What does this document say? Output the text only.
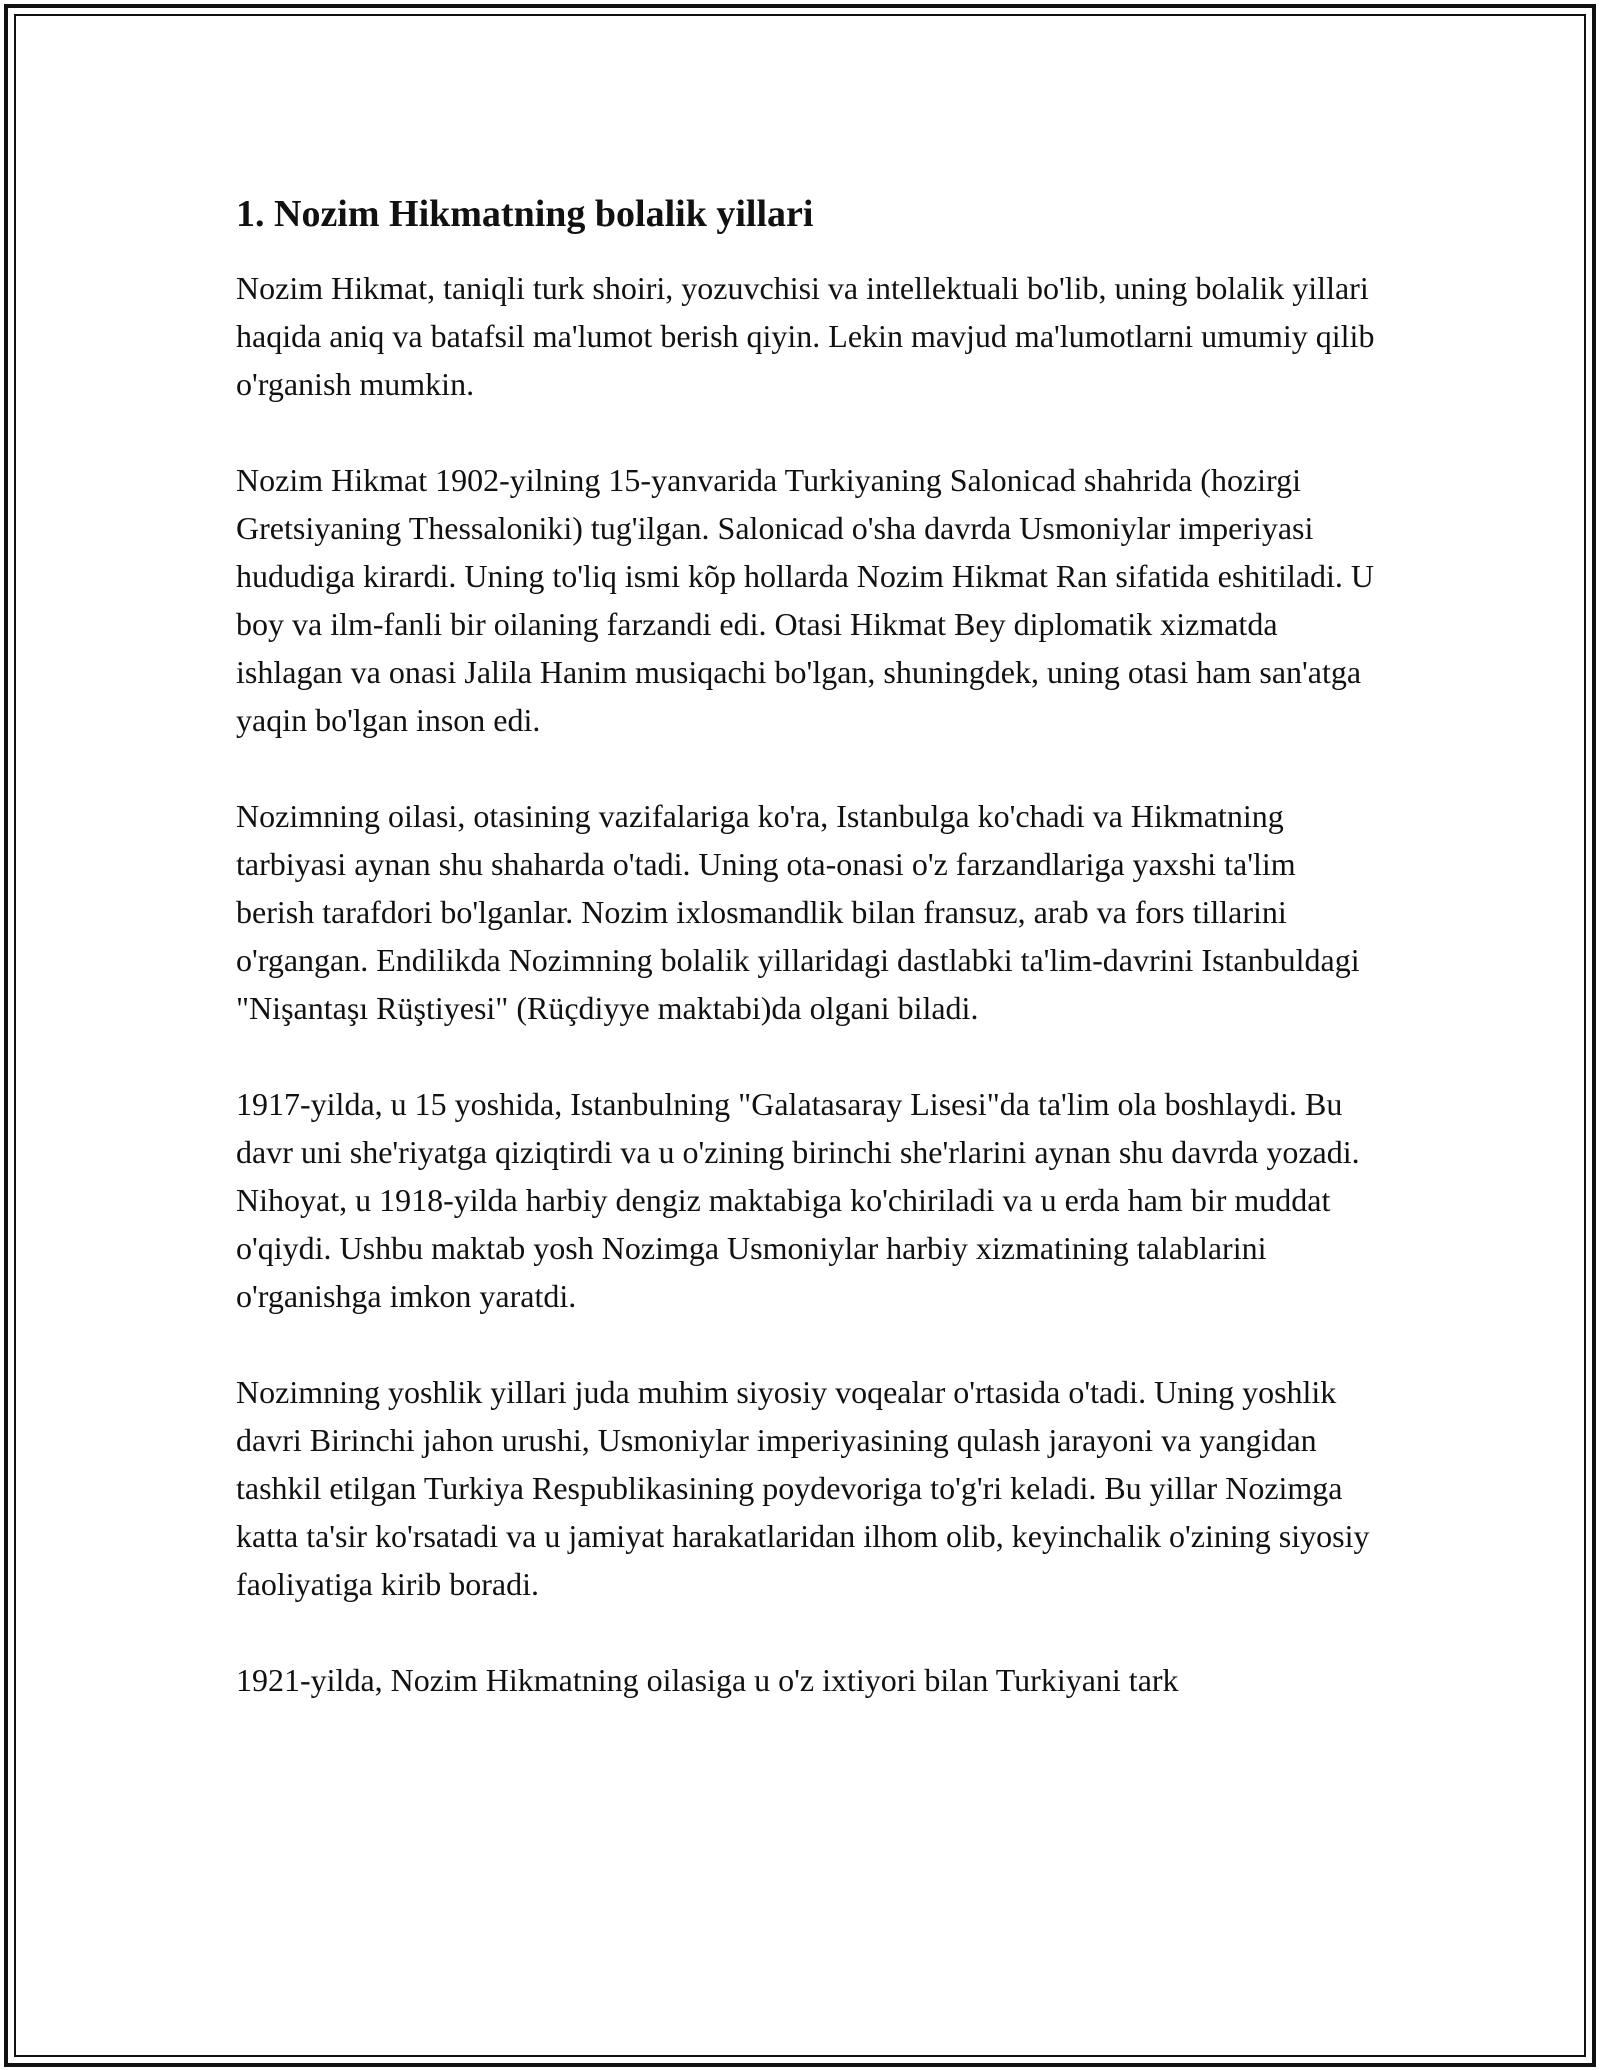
1. Nozim Hikmatning bolalik yillari

Nozim Hikmat, taniqli turk shoiri, yozuvchisi va intellektuali bo'lib, uning bolalik yillari haqida aniq va batafsil ma'lumot berish qiyin. Lekin mavjud ma'lumotlarni umumiy qilib o'rganish mumkin.

Nozim Hikmat 1902-yilning 15-yanvarida Turkiyaning Salonicad shahrida (hozirgi Gretsiyaning Thessaloniki) tug'ilgan. Salonicad o'sha davrda Usmoniylar imperiyasi hududiga kirardi. Uning to'liq ismi kõp hollarda Nozim Hikmat Ran sifatida eshitiladi. U boy va ilm-fanli bir oilaning farzandi edi. Otasi Hikmat Bey diplomatik xizmatda ishlagan va onasi Jalila Hanim musiqachi bo'lgan, shuningdek, uning otasi ham san'atga yaqin bo'lgan inson edi.

Nozimning oilasi, otasining vazifalariga ko'ra, Istanbulga ko'chadi va Hikmatning tarbiyasi aynan shu shaharda o'tadi. Uning ota-onasi o'z farzandlariga yaxshi ta'lim berish tarafdori bo'lganlar. Nozim ixlosmandlik bilan fransuz, arab va fors tillarini o'rgangan. Endilikda Nozimning bolalik yillaridagi dastlabki ta'lim-davrini Istanbuldagi "Nişantaşı Rüştiyesi" (Rüçdiyye maktabi)da olgani biladi.

1917-yilda, u 15 yoshida, Istanbulning "Galatasaray Lisesi"da ta'lim ola boshlaydi. Bu davr uni she'riyatga qiziqtirdi va u o'zining birinchi she'rlarini aynan shu davrda yozadi. Nihoyat, u 1918-yilda harbiy dengiz maktabiga ko'chiriladi va u erda ham bir muddat o'qiydi. Ushbu maktab yosh Nozimga Usmoniylar harbiy xizmatining talablarini o'rganishga imkon yaratdi.

Nozimning yoshlik yillari juda muhim siyosiy voqealar o'rtasida o'tadi. Uning yoshlik davri Birinchi jahon urushi, Usmoniylar imperiyasining qulash jarayoni va yangidan tashkil etilgan Turkiya Respublikasining poydevoriga to'g'ri keladi. Bu yillar Nozimga katta ta'sir ko'rsatadi va u jamiyat harakatlaridan ilhom olib, keyinchalik o'zining siyosiy faoliyatiga kirib boradi.

1921-yilda, Nozim Hikmatning oilasiga u o'z ixtiyori bilan Turkiyani tark
